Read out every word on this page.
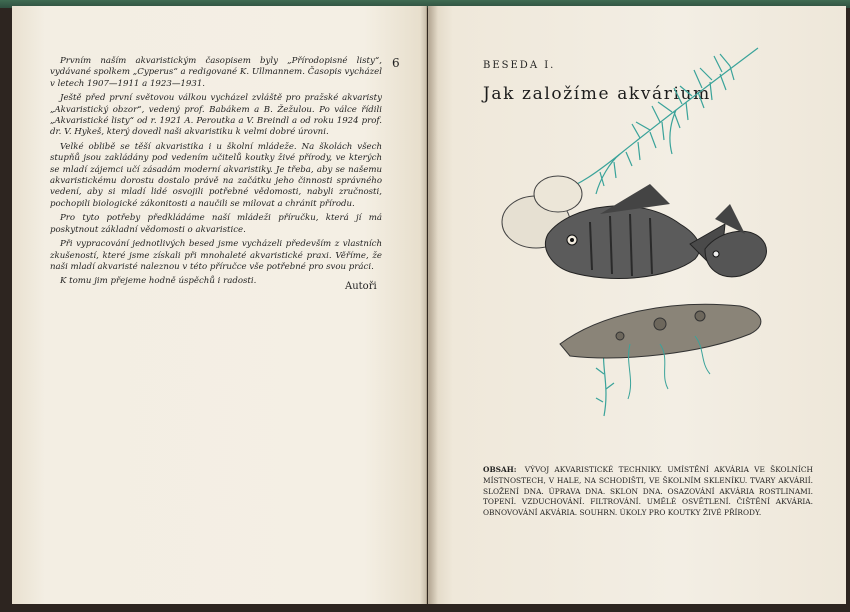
6

Prvním naším akvaristickým časopisem byly „Přírodopisné listy“, vydávané spolkem „Cyperus“ a redigované K. Ullmannem. Časopis vycházel v letech 1907—1911 a 1923—1931.

Ještě před první světovou válkou vycházel zvláště pro pražské akvaristy „Akvaristický obzor“, vedený prof. Babákem a B. Žežulou. Po válce řídili „Akvaristické listy“ od r. 1921 A. Peroutka a V. Breindl a od roku 1924 prof. dr. V. Hykeš, který dovedl naši akvaristiku k velmi dobré úrovni.

Velké oblibě se těší akvaristika i u školní mládeže. Na školách všech stupňů jsou zakládány pod vedením učitelů koutky živé přírody, ve kterých se mladí zájemci učí zásadám moderní akvaristiky. Je třeba, aby se našemu akvaristickému dorostu dostalo právě na začátku jeho činnosti správného vedení, aby si mladí lidé osvojili potřebné vědomosti, nabyli zručnosti, pochopili biologické zákonitosti a naučili se milovat a chránit přírodu.

Pro tyto potřeby předkládáme naší mládeži příručku, která jí má poskytnout základní vědomosti o akvaristice.

Při vypracování jednotlivých besed jsme vycházeli především z vlastních zkušeností, které jsme získali při mnohaleté akvaristické praxi. Věříme, že naši mladí akvaristé naleznou v této příručce vše potřebné pro svou práci.

K tomu jim přejeme hodně úspěchů i radosti.	Autoři
BESEDA I.
Jak založíme akvárium
OBSAH: VÝVOJ AKVARISTICKÉ TECHNIKY. UMÍSTĚNÍ AKVÁRIA VE ŠKOLNÍCH MÍSTNOSTECH, V HALE, NA SCHODIŠTI, VE ŠKOLNÍM SKLENÍKU. TVARY AKVÁRIÍ. SLOŽENÍ DNA. ÚPRAVA DNA. SKLON DNA. OSAZOVÁNÍ AKVÁRIA ROSTLINAMI. TOPENÍ. VZDUCHOVÁNÍ. FILTROVÁNÍ. UMĚLÉ OSVĚTLENÍ. ČIŠTĚNÍ AKVÁRIA. OBNOVOVÁNÍ AKVÁRIA. SOUHRN. ÚKOLY PRO KOUTKY ŽIVÉ PŘÍRODY.
